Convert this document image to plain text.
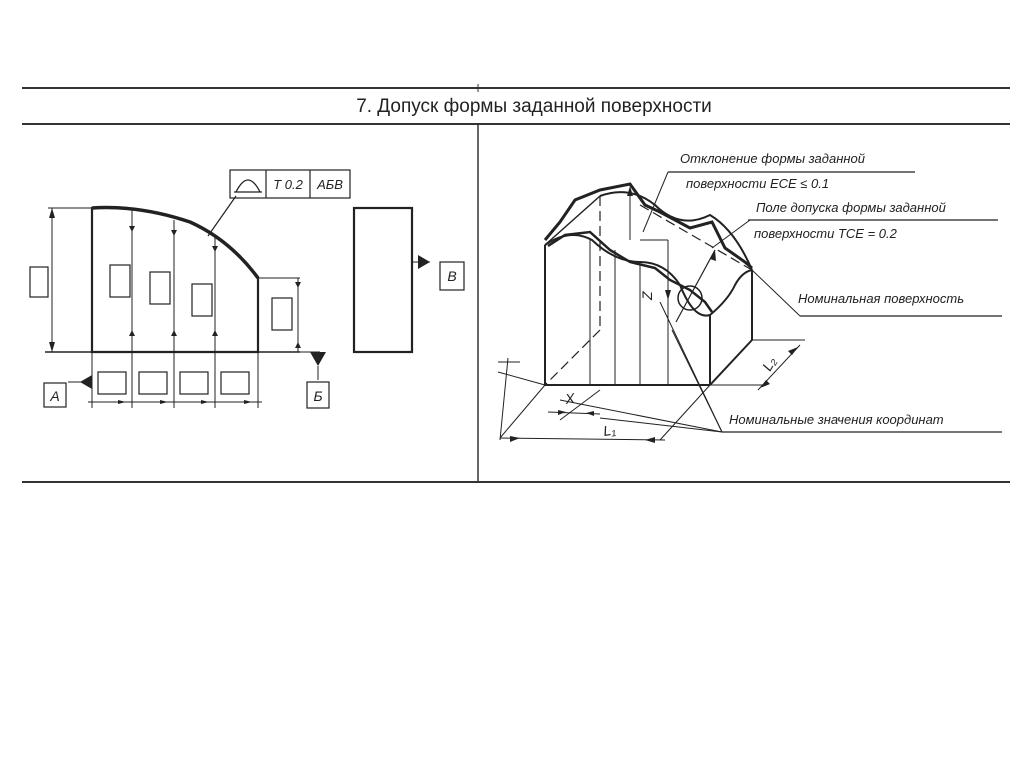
7. Допуск формы заданной поверхности
T 0.2 АБВ
А	Б
В
Отклонение формы заданной
поверхности ЕСЕ ≤ 0.1
Поле допуска формы заданной
поверхности ТСЕ = 0.2
Номинальная поверхность
Номинальные значения координат
X
Z
L₁
L₂
